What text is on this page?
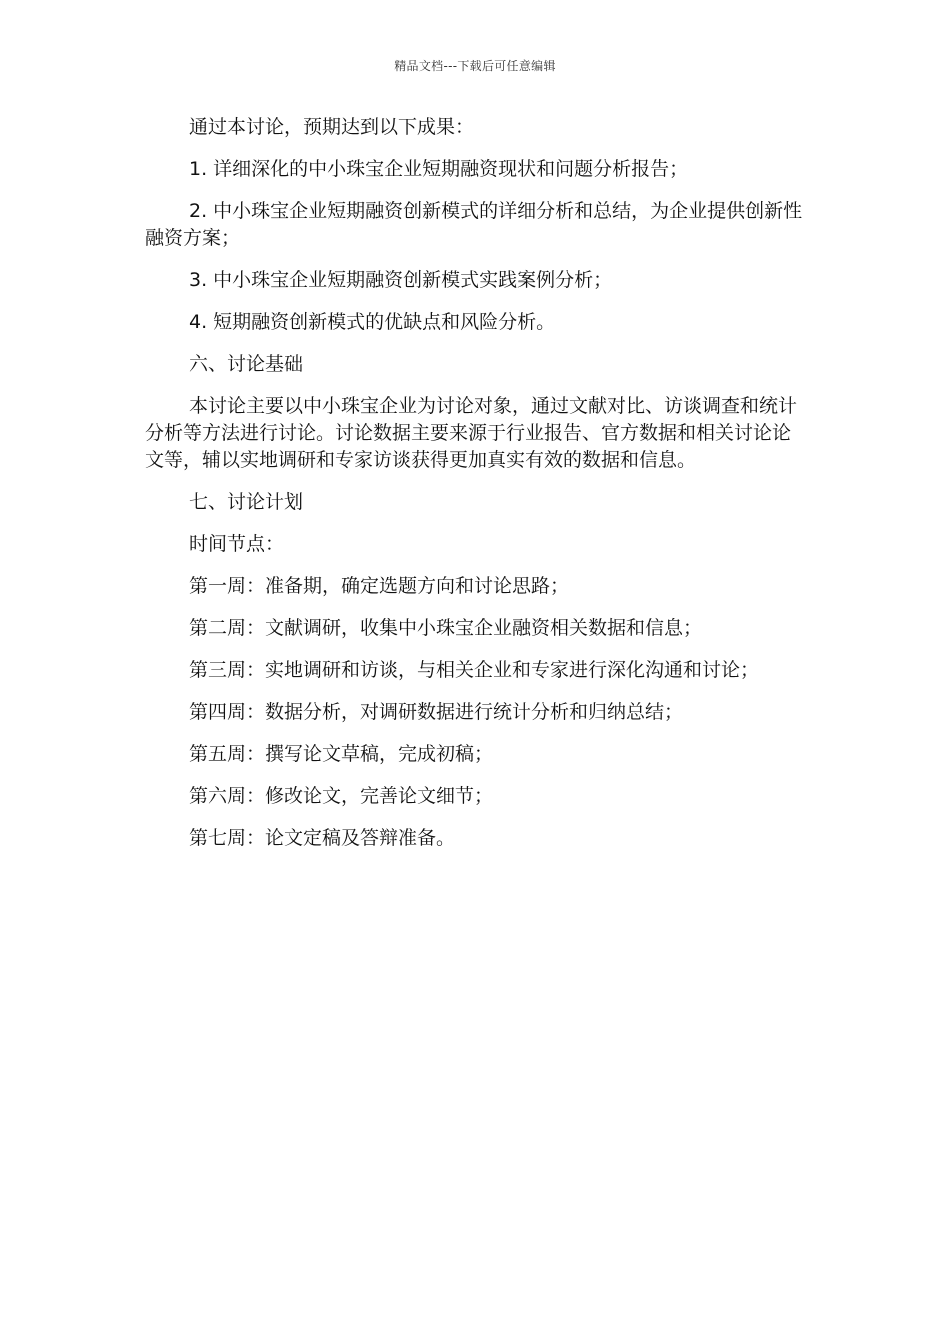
精品文档---下载后可任意编辑

通过本讨论，预期达到以下成果：

1. 详细深化的中小珠宝企业短期融资现状和问题分析报告；

2. 中小珠宝企业短期融资创新模式的详细分析和总结，为企业提供创新性融资方案；

3. 中小珠宝企业短期融资创新模式实践案例分析；

4. 短期融资创新模式的优缺点和风险分析。

六、讨论基础

本讨论主要以中小珠宝企业为讨论对象，通过文献对比、访谈调查和统计分析等方法进行讨论。讨论数据主要来源于行业报告、官方数据和相关讨论论文等，辅以实地调研和专家访谈获得更加真实有效的数据和信息。

七、讨论计划

时间节点：

第一周：准备期，确定选题方向和讨论思路；

第二周：文献调研，收集中小珠宝企业融资相关数据和信息；

第三周：实地调研和访谈，与相关企业和专家进行深化沟通和讨论；

第四周：数据分析，对调研数据进行统计分析和归纳总结；

第五周：撰写论文草稿，完成初稿；

第六周：修改论文，完善论文细节；

第七周：论文定稿及答辩准备。
